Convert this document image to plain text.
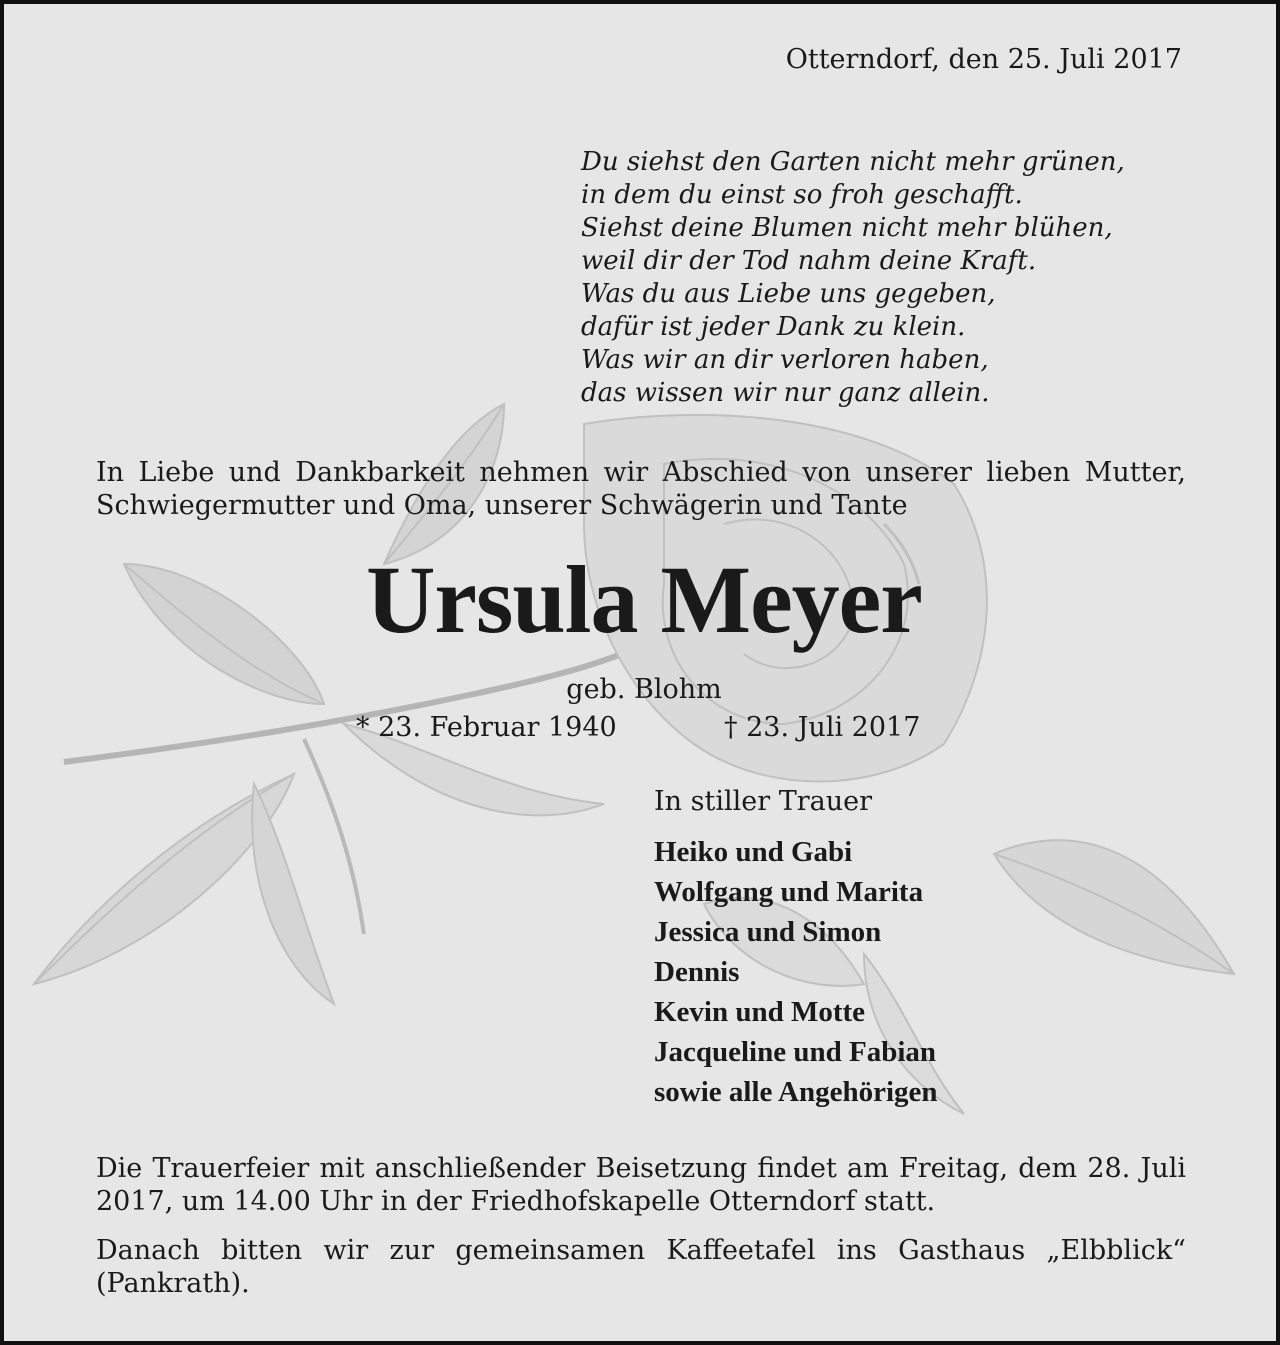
Otterndorf, den 25. Juli 2017

Du siehst den Garten nicht mehr grünen,

in dem du einst so froh geschafft.

Siehst deine Blumen nicht mehr blühen,

weil dir der Tod nahm deine Kraft.

Was du aus Liebe uns gegeben,

dafür ist jeder Dank zu klein.

Was wir an dir verloren haben,

das wissen wir nur ganz allein.

In Liebe und Dankbarkeit nehmen wir Abschied von unserer lieben Mutter, Schwiegermutter und Oma, unserer Schwägerin und Tante

Ursula Meyer
geb. Blohm
* 23. Februar 1940	† 23. Juli 2017
In stiller Trauer
Heiko und Gabi
Wolfgang und Marita
Jessica und Simon
Dennis
Kevin und Motte
Jacqueline und Fabian
sowie alle Angehörigen

Die Trauerfeier mit anschließender Beisetzung findet am Freitag, dem 28. Juli 2017, um 14.00 Uhr in der Friedhofskapelle Otterndorf statt.

Danach bitten wir zur gemeinsamen Kaffeetafel ins Gasthaus „Elbblick“ (Pankrath).
